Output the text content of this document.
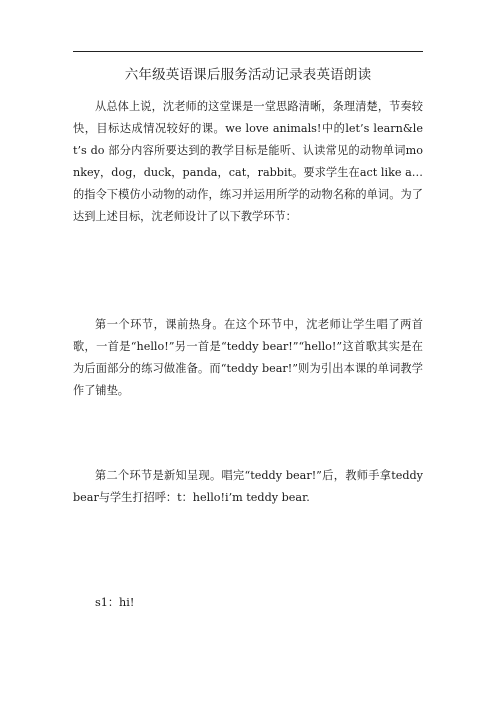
六年级英语课后服务活动记录表英语朗读

从总体上说，沈老师的这堂课是一堂思路清晰，条理清楚，节奏较快，目标达成情况较好的课。we love animals!中的let’s learn&let’s do 部分内容所要达到的教学目标是能听、认读常见的动物单词monkey，dog，duck，panda，cat，rabbit。要求学生在act like a…的指令下模仿小动物的动作，练习并运用所学的动物名称的单词。为了达到上述目标，沈老师设计了以下教学环节：

第一个环节，课前热身。在这个环节中，沈老师让学生唱了两首歌，一首是“hello!”另一首是“teddy bear!”“hello!”这首歌其实是在为后面部分的练习做准备。而“teddy bear!”则为引出本课的单词教学作了铺垫。

第二个环节是新知呈现。唱完“teddy bear!”后，教师手拿teddy bear与学生打招呼：t：hello!i’m teddy bear.

s1：hi!
